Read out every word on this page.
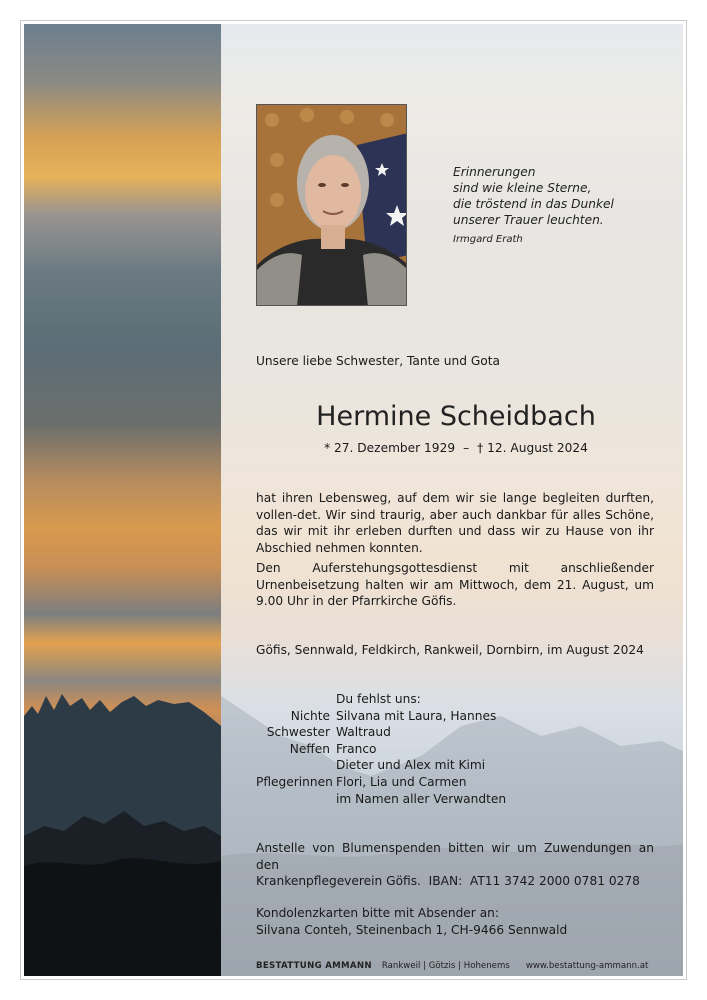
Erinnerungen
sind wie kleine Sterne,
die tröstend in das Dunkel
unserer Trauer leuchten.
Irmgard Erath
Unsere liebe Schwester, Tante und Gota
Hermine Scheidbach
* 27. Dezember 1929 – † 12. August 2024

hat ihren Lebensweg, auf dem wir sie lange begleiten durften, vollen-det. Wir sind traurig, aber auch dankbar für alles Schöne, das wir mit ihr erleben durften und dass wir zu Hause von ihr Abschied nehmen konnten.

Den Auferstehungsgottesdienst mit anschließender Urnenbeisetzung halten wir am Mittwoch, dem 21. August, um 9.00 Uhr in der Pfarrkirche Göfis.

Göfis, Sennwald, Feldkirch, Rankweil, Dornbirn, im August 2024
Du fehlst uns:
Nichte Silvana mit Laura, Hannes
Schwester Waltraud
Neffen Franco
Dieter und Alex mit Kimi
Pflegerinnen Flori, Lia und Carmen
im Namen aller Verwandten
Anstelle von Blumenspenden bitten wir um Zuwendungen an den
Krankenpflegeverein Göfis.  IBAN:  AT11 3742 2000 0781 0278
Kondolenzkarten bitte mit Absender an:
Silvana Conteh, Steinenbach 1, CH-9466 Sennwald
BESTATTUNG AMMANN Rankweil | Götzis | Hohenems www.bestattung-ammann.at
